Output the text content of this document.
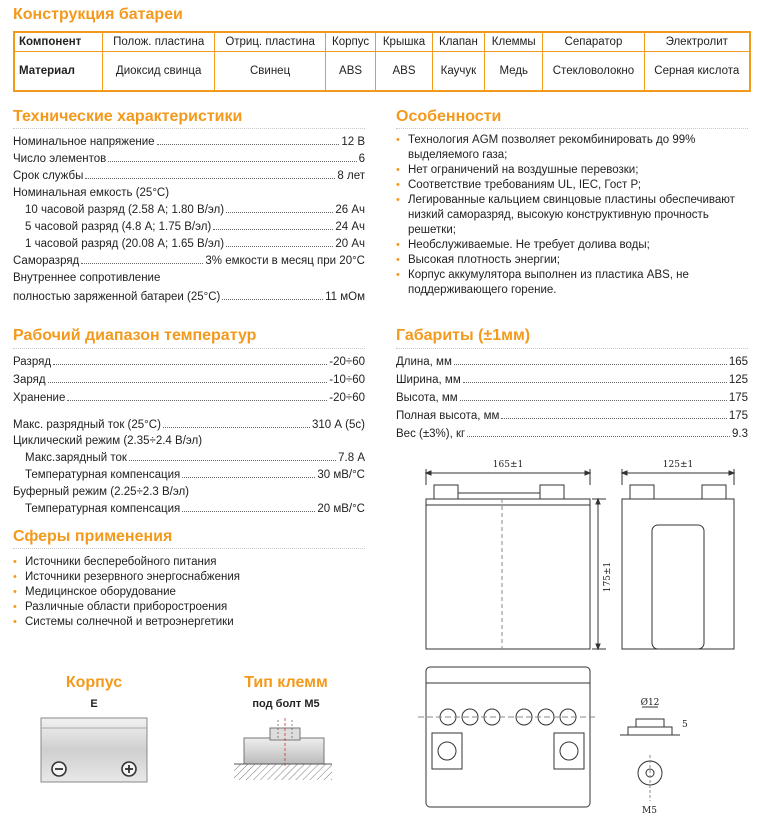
Конструкция батареи
Компонент	Полож. пластина	Отриц. пластина	Корпус	Крышка	Клапан	Клеммы	Сепаратор	Электролит
Материал	Диоксид свинца	Свинец	ABS	ABS	Каучук	Медь	Стекловолокно	Серная кислота
Технические характеристики
Номинальное напряжение	12 В
Число элементов	6
Срок службы	8 лет
Номинальная емкость (25°C)
10 часовой разряд (2.58 А; 1.80 В/эл)	26 Ач
5 часовой разряд (4.8 А; 1.75 В/эл)	24 Ач
1 часовой разряд (20.08 А; 1.65 В/эл)	20 Ач
Саморазряд	3% емкости в месяц при 20°C
Внутреннее сопротивление
полностью заряженной батареи (25°C)	11 мОм
Особенности
• Технология AGM позволяет рекомбинировать до 99% выделяемого газа;
• Нет ограничений на воздушные перевозки;
• Соответствие требованиям UL, IEC, Гост Р;
• Легированные кальцием свинцовые пластины обеспечивают низкий саморазряд, высокую конструктивную прочность решетки;
• Необслуживаемые. Не требует долива воды;
• Высокая плотность энергии;
• Корпус аккумулятора выполнен из пластика ABS, не поддерживающего горение.
Рабочий диапазон температур
Разряд	-20÷60
Заряд	-10÷60
Хранение	-20÷60
Макс. разрядный ток (25°C)	310 А (5с)
Циклический режим (2.35÷2.4 В/эл)
Макс.зарядный ток	7.8 А
Температурная компенсация	30 мВ/°C
Буферный режим (2.25÷2.3 В/эл)
Температурная компенсация	20 мВ/°C
Габариты (±1мм)
Длина, мм	165
Ширина, мм	125
Высота, мм	175
Полная высота, мм	175
Вес (±3%), кг	9.3
Сферы применения
• Источники бесперебойного питания
• Источники резервного энергоснабжения
• Медицинское оборудование
• Различные области приборостроения
• Системы солнечной и ветроэнергетики
Корпус
E
Тип клемм
под болт M5
165±1	125±1
175±1
Ø12
5
M5
